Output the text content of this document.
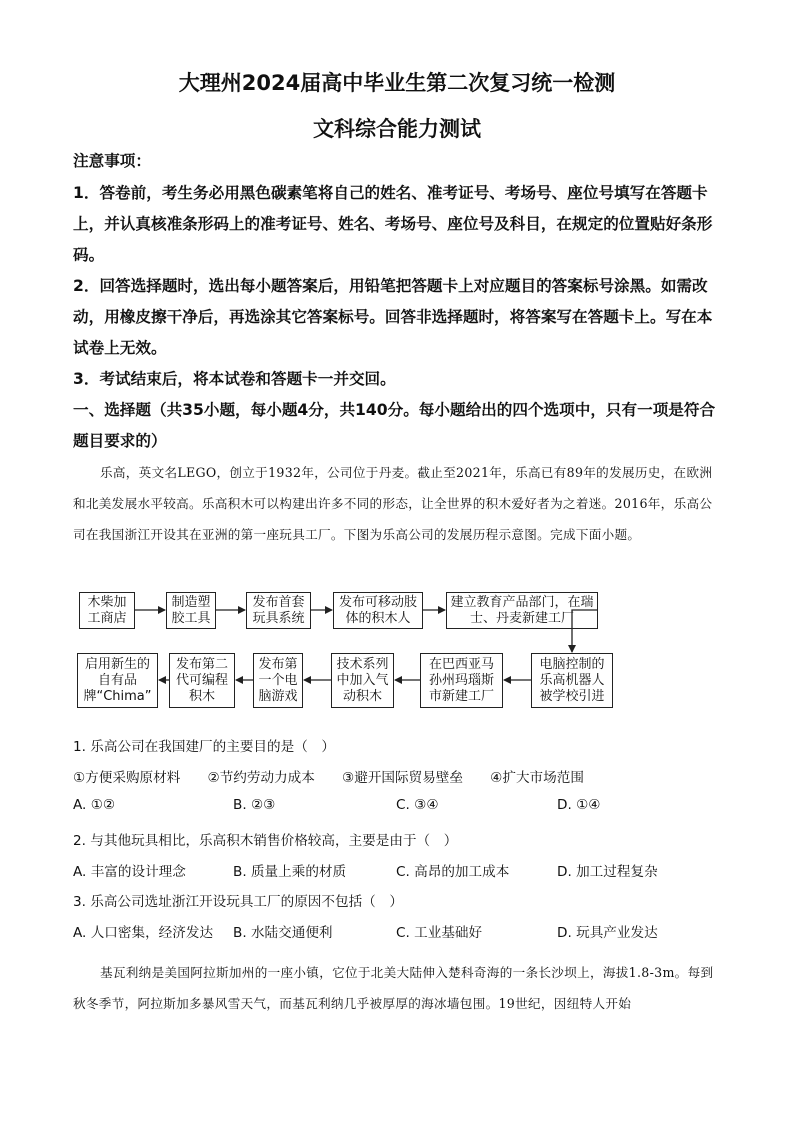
大理州2024届高中毕业生第二次复习统一检测
文科综合能力测试
注意事项：
1．答卷前，考生务必用黑色碳素笔将自己的姓名、准考证号、考场号、座位号填写在答题卡上，并认真核准条形码上的准考证号、姓名、考场号、座位号及科目，在规定的位置贴好条形码。
2．回答选择题时，选出每小题答案后，用铅笔把答题卡上对应题目的答案标号涂黑。如需改动，用橡皮擦干净后，再选涂其它答案标号。回答非选择题时，将答案写在答题卡上。写在本试卷上无效。
3．考试结束后，将本试卷和答题卡一并交回。
一、选择题（共35小题，每小题4分，共140分。每小题给出的四个选项中，只有一项是符合题目要求的）
乐高，英文名LEGO，创立于1932年，公司位于丹麦。截止至2021年，乐高已有89年的发展历史，在欧洲和北美发展水平较高。乐高积木可以构建出许多不同的形态，让全世界的积木爱好者为之着迷。2016年，乐高公司在我国浙江开设其在亚洲的第一座玩具工厂。下图为乐高公司的发展历程示意图。完成下面小题。
木柴加工商店
制造塑胶工具
发布首套玩具系统
发布可移动肢体的积木人
建立教育产品部门，在瑞士、丹麦新建工厂
电脑控制的乐高机器人被学校引进
在巴西亚马孙州玛瑙斯市新建工厂
技术系列中加入气动积木
发布第一个电脑游戏
发布第二代可编程积木
启用新生的自有品牌“Chima”
1. 乐高公司在我国建厂的主要目的是（　）
①方便采购原材料　　②节约劳动力成本　　③避开国际贸易壁垒　　④扩大市场范围
A. ①②	B. ②③	C. ③④	D. ①④
2. 与其他玩具相比，乐高积木销售价格较高，主要是由于（　）
A. 丰富的设计理念	B. 质量上乘的材质	C. 高昂的加工成本	D. 加工过程复杂
3. 乐高公司选址浙江开设玩具工厂的原因不包括（　）
A. 人口密集，经济发达 B. 水陆交通便利	C. 工业基础好	D. 玩具产业发达
基瓦利纳是美国阿拉斯加州的一座小镇，它位于北美大陆伸入楚科奇海的一条长沙坝上，海拔1.8-3m。每到秋冬季节，阿拉斯加多暴风雪天气，而基瓦利纳几乎被厚厚的海冰墙包围。19世纪，因纽特人开始
